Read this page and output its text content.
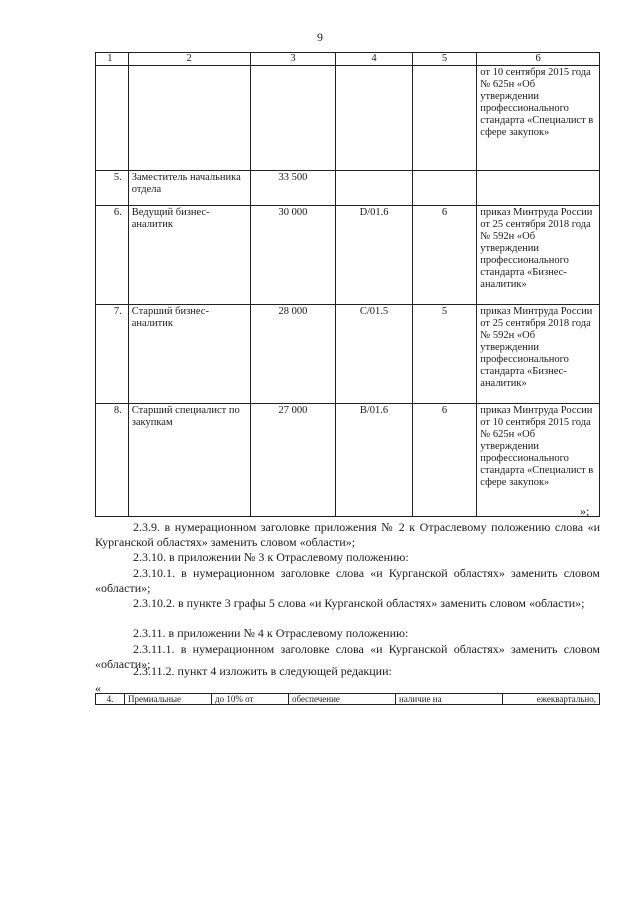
9
1	2	3	4	5	6
					от 10 сентября 2015 года № 625н «Об утверждении профессионального стандарта «Специалист в сфере закупок»
5.	Заместитель начальника отдела	33 500			
6.	Ведущий бизнес-аналитик	30 000	D/01.6	6	приказ Минтруда России от 25 сентября 2018 года № 592н «Об утверждении профессионального стандарта «Бизнес-аналитик»
7.	Старший бизнес-аналитик	28 000	C/01.5	5	приказ Минтруда России от 25 сентября 2018 года № 592н «Об утверждении профессионального стандарта «Бизнес-аналитик»
8.	Старший специалист по закупкам	27 000	B/01.6	6	приказ Минтруда России от 10 сентября 2015 года № 625н «Об утверждении профессионального стандарта «Специалист в сфере закупок»
»;
2.3.9. в нумерационном заголовке приложения № 2 к Отраслевому положению слова «и Курганской областях» заменить словом «области»;
2.3.10. в приложении № 3 к Отраслевому положению:
2.3.10.1. в нумерационном заголовке слова «и Курганской областях» заменить словом «области»;
2.3.10.2. в пункте 3 графы 5 слова «и Курганской областях» заменить словом «области»;
2.3.11. в приложении № 4 к Отраслевому положению:
2.3.11.1. в нумерационном заголовке слова «и Курганской областях» заменить словом «области»;
2.3.11.2. пункт 4 изложить в следующей редакции:
«
4.	Премиальные	до 10% от	обеспечение	наличие на	ежеквартально,
